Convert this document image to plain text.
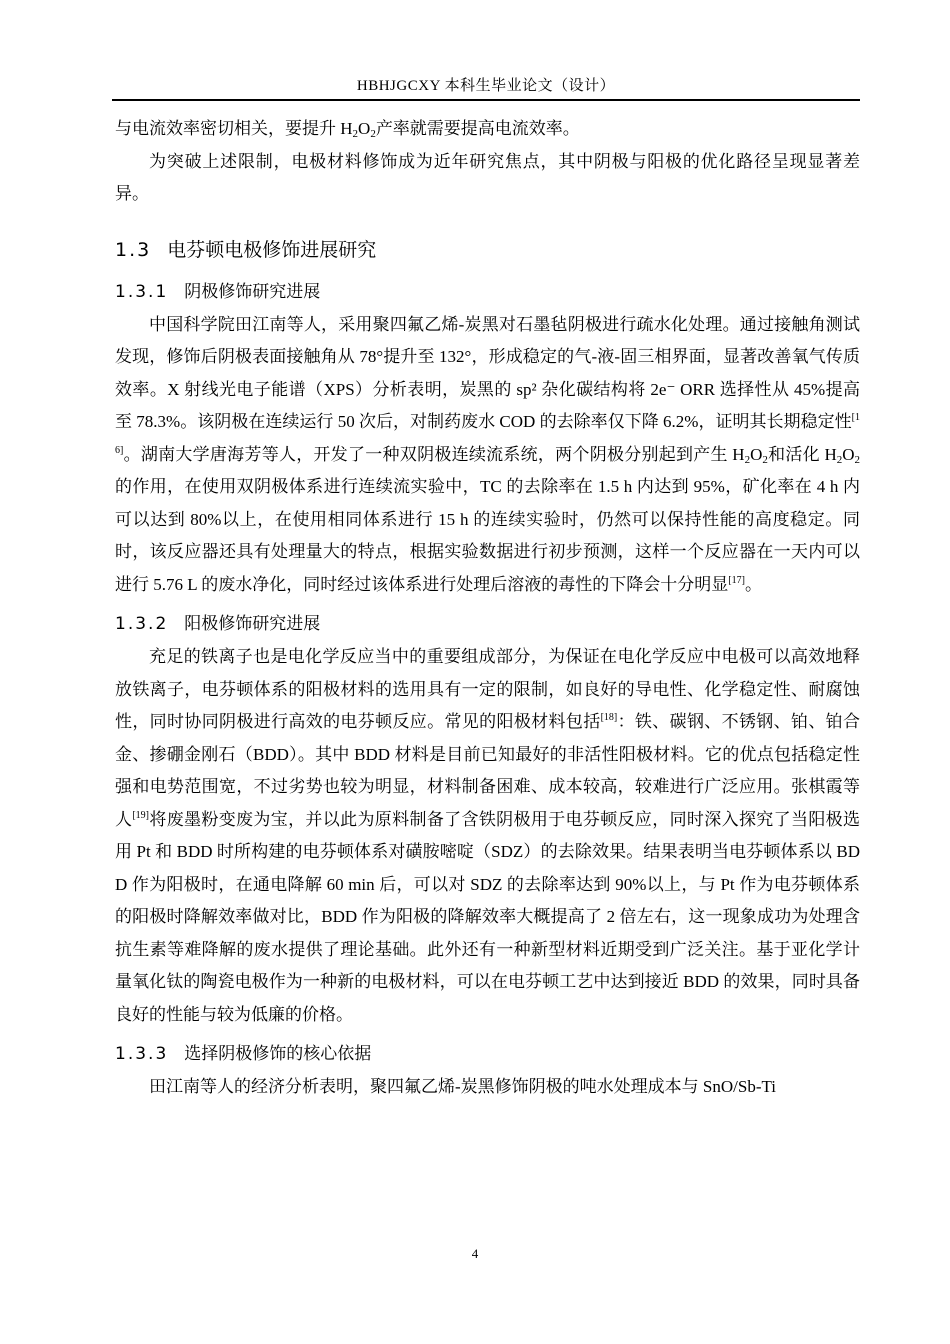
HBHJGCXY 本科生毕业论文（设计）

与电流效率密切相关，要提升 $H_2O_2$产率就需要提高电流效率。

为突破上述限制，电极材料修饰成为近年研究焦点，其中阴极与阳极的优化路径呈现显著差异。

1.3 电芬顿电极修饰进展研究
1.3.1 阴极修饰研究进展

中国科学院田江南等人，采用聚四氟乙烯-炭黑对石墨毡阴极进行疏水化处理。通过接触角测试发现，修饰后阴极表面接触角从 78°提升至 132°，形成稳定的气-液-固三相界面，显著改善氧气传质效率。X 射线光电子能谱（XPS）分析表明，炭黑的 sp² 杂化碳结构将 2e⁻ ORR 选择性从 45%提高至 78.3%。该阴极在连续运行 50 次后，对制药废水 COD 的去除率仅下降 6.2%，证明其长期稳定性[16]。湖南大学唐海芳等人，开发了一种双阴极连续流系统，两个阴极分别起到产生 $H_2O_2$和活化 $H_2O_2$的作用，在使用双阴极体系进行连续流实验中，TC 的去除率在 1.5 h 内达到 95%，矿化率在 4 h 内可以达到 80%以上，在使用相同体系进行 15 h 的连续实验时，仍然可以保持性能的高度稳定。同时，该反应器还具有处理量大的特点，根据实验数据进行初步预测，这样一个反应器在一天内可以进行 5.76 L 的废水净化，同时经过该体系进行处理后溶液的毒性的下降会十分明显[17]。

1.3.2 阳极修饰研究进展

充足的铁离子也是电化学反应当中的重要组成部分，为保证在电化学反应中电极可以高效地释放铁离子，电芬顿体系的阳极材料的选用具有一定的限制，如良好的导电性、化学稳定性、耐腐蚀性，同时协同阴极进行高效的电芬顿反应。常见的阳极材料包括[18]：铁、碳钢、不锈钢、铂、铂合金、掺硼金刚石（BDD）。其中 BDD 材料是目前已知最好的非活性阳极材料。它的优点包括稳定性强和电势范围宽，不过劣势也较为明显，材料制备困难、成本较高，较难进行广泛应用。张棋霞等人[19]将废墨粉变废为宝，并以此为原料制备了含铁阴极用于电芬顿反应，同时深入探究了当阳极选用 Pt 和 BDD 时所构建的电芬顿体系对磺胺嘧啶（SDZ）的去除效果。结果表明当电芬顿体系以 BDD 作为阳极时，在通电降解 60 min 后，可以对 SDZ 的去除率达到 90%以上，与 Pt 作为电芬顿体系的阳极时降解效率做对比，BDD 作为阳极的降解效率大概提高了 2 倍左右，这一现象成功为处理含抗生素等难降解的废水提供了理论基础。此外还有一种新型材料近期受到广泛关注。基于亚化学计量氧化钛的陶瓷电极作为一种新的电极材料，可以在电芬顿工艺中达到接近 BDD 的效果，同时具备良好的性能与较为低廉的价格。

1.3.3 选择阴极修饰的核心依据

田江南等人的经济分析表明，聚四氟乙烯-炭黑修饰阴极的吨水处理成本与 SnO/Sb-Ti

4
